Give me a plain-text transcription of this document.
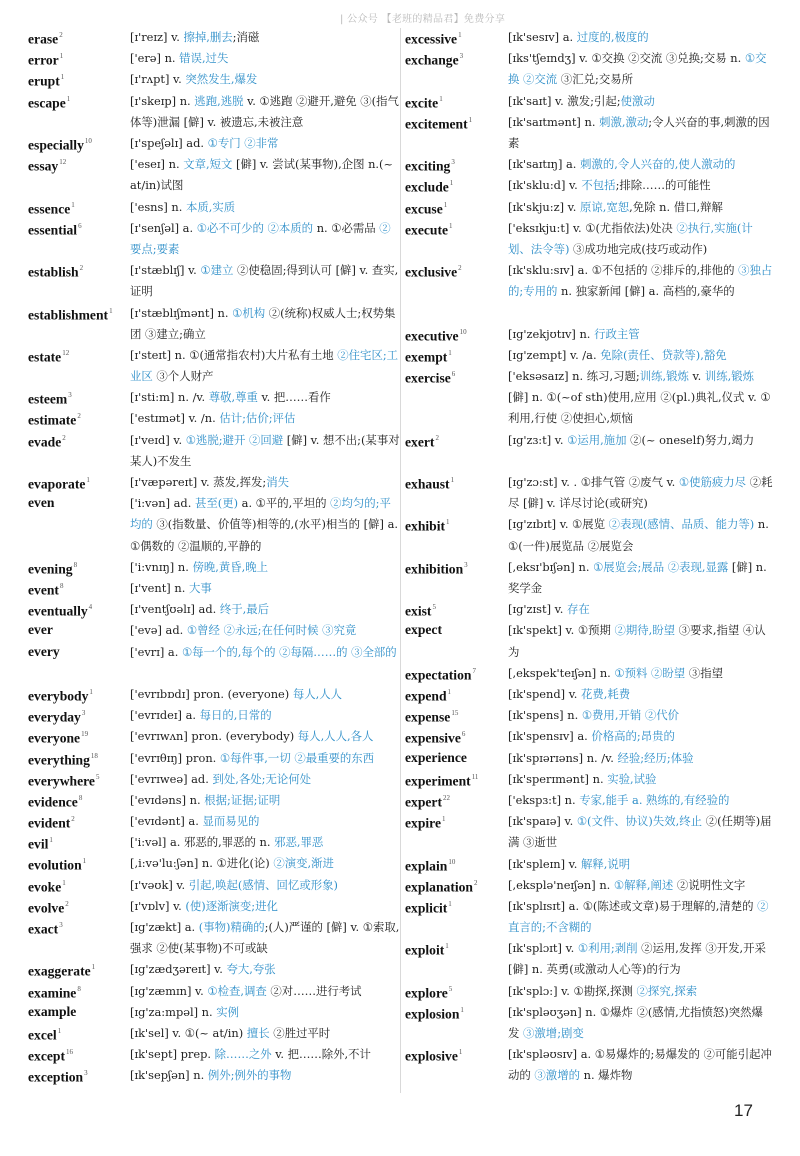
| 公众号 【老班的精品君】免费分享
erase$^2$	[ɪ'reɪz] v. 擦掉,删去;消磁
error$^1$	['erə] n. 错误,过失
erupt$^1$	[ɪ'rʌpt] v. 突然发生,爆发
escape$^1$	[ɪ'skeɪp] n. 逃跑,逃脱 v. ①逃跑 ②避开,避免 ③(指气体等)泄漏 [僻] v. 被遗忘,未被注意
especially$^{10}$	[ɪ'speʃəlɪ] ad. ①专门 ②非常
essay$^{12}$	['eseɪ] n. 文章,短文 [僻] v. 尝试(某事物),企图 n.(~ at/in)试图
essence$^1$	['esns] n. 本质,实质
essential$^6$	[ɪ'senʃəl] a. ①必不可少的 ②本质的 n. ①必需品 ②要点;要素
establish$^2$	[ɪ'stæblɪʃ] v. ①建立 ②使稳固;得到认可 [僻] v. 查实,证明
establishment$^1$	[ɪ'stæblɪʃmənt] n. ①机构 ②(统称)权威人士;权势集团 ③建立;确立
estate$^{12}$	[ɪ'steɪt] n. ①(通常指农村)大片私有土地 ②住宅区;工业区 ③个人财产
esteem$^3$	[ɪ'sti:m] n. /v. 尊敬,尊重 v. 把……看作
estimate$^2$	['estɪmət] v. /n. 估计;估价;评估
evade$^2$	[ɪ'veɪd] v. ①逃脱;避开 ②回避 [僻] v. 想不出;(某事对某人)不发生
evaporate$^1$	[ɪ'væpəreɪt] v. 蒸发,挥发;消失
even	['i:vən] ad. 甚至(更) a. ①平的,平坦的 ②均匀的;平均的 ③(指数量、价值等)相等的,(水平)相当的 [僻] a. ①偶数的 ②温顺的,平静的
evening$^8$	['i:vnɪŋ] n. 傍晚,黄昏,晚上
event$^8$	[ɪ'vent] n. 大事
eventually$^4$	[ɪ'ventʃʊəlɪ] ad. 终于,最后
ever	['evə] ad. ①曾经 ②永远;在任何时候 ③究竟
every	['evrɪ] a. ①每一个的,每个的 ②每隔……的 ③全部的
everybody$^1$	['evrɪbɒdɪ] pron. (everyone) 每人,人人
everyday$^3$	['evrɪdeɪ] a. 每日的,日常的
everyone$^{19}$	['evrɪwʌn] pron. (everybody) 每人,人人,各人
everything$^{18}$	['evrɪθɪŋ] pron. ①每件事,一切 ②最重要的东西
everywhere$^5$	['evrɪweə] ad. 到处,各处;无论何处
evidence$^8$	['evɪdəns] n. 根据;证据;证明
evident$^2$	['evɪdənt] a. 显而易见的
evil$^1$	['i:vəl] a. 邪恶的,罪恶的 n. 邪恶,罪恶
evolution$^1$	[,i:və'lu:ʃən] n. ①进化(论) ②演变,渐进
evoke$^1$	[ɪ'vəʊk] v. 引起,唤起(感情、回忆或形象)
evolve$^2$	[ɪ'vɒlv] v. (使)逐渐演变;进化
exact$^3$	[ɪg'zækt] a. (事物)精确的;(人)严谨的 [僻] v. ①索取,强求 ②使(某事物)不可或缺
exaggerate$^1$	[ɪg'zædʒəreɪt] v. 夸大,夸张
examine$^8$	[ɪg'zæmɪn] v. ①检查,调查 ②对……进行考试
example	[ɪg'za:mpəl] n. 实例
excel$^1$	[ɪk'sel] v. ①(~ at/in) 擅长 ②胜过平时
except$^{16}$	[ɪk'sept] prep. 除……之外 v. 把……除外,不计
exception$^3$	[ɪk'sepʃən] n. 例外;例外的事物
excessive$^1$	[ɪk'sesɪv] a. 过度的,极度的
exchange$^3$	[ɪks'tʃeɪndʒ] v. ①交换 ②交流 ③兑换;交易 n. ①交换 ②交流 ③汇兑;交易所
excite$^1$	[ɪk'saɪt] v. 激发;引起;使激动
excitement$^1$	[ɪk'saɪtmənt] n. 刺激,激动;令人兴奋的事,刺激的因素
exciting$^3$	[ɪk'saɪtɪŋ] a. 刺激的,令人兴奋的,使人激动的
exclude$^1$	[ɪk'sklu:d] v. 不包括;排除……的可能性
excuse$^1$	[ɪk'skju:z] v. 原谅,宽恕,免除 n. 借口,辩解
execute$^1$	['eksɪkju:t] v. ①(尤指依法)处决 ②执行,实施(计划、法令等) ③成功地完成(技巧或动作)
exclusive$^2$	[ɪk'sklu:sɪv] a. ①不包括的 ②排斥的,排他的 ③独占的;专用的 n. 独家新闻 [僻] a. 高档的,豪华的
executive$^{10}$	[ɪg'zekjʊtɪv] n. 行政主管
exempt$^1$	[ɪg'zempt] v. /a. 免除(责任、贷款等),豁免
exercise$^6$	['eksəsaɪz] n. 练习,习题;训练,锻炼 v. 训练,锻炼 [僻] n. ①(~of sth)使用,应用 ②(pl.)典礼,仪式 v. ①利用,行使 ②使担心,烦恼
exert$^2$	[ɪg'zɜ:t] v. ①运用,施加 ②(~ oneself)努力,竭力
exhaust$^1$	[ɪg'zɔ:st] v. . ①排气管 ②废气 v. ①使筋疲力尽 ②耗尽 [僻] v. 详尽讨论(或研究)
exhibit$^1$	[ɪg'zɪbɪt] v. ①展览 ②表现(感情、品质、能力等) n. ①(一件)展览品 ②展览会
exhibition$^3$	[,eksɪ'bɪʃən] n. ①展览会;展品 ②表现,显露 [僻] n. 奖学金
exist$^5$	[ɪg'zɪst] v. 存在
expect	[ɪk'spekt] v. ①预期 ②期待,盼望 ③要求,指望 ④认为
expectation$^7$	[,ekspek'teɪʃən] n. ①预料 ②盼望 ③指望
expend$^1$	[ɪk'spend] v. 花费,耗费
expense$^{15}$	[ɪk'spens] n. ①费用,开销 ②代价
expensive$^6$	[ɪk'spensɪv] a. 价格高的;昂贵的
experience	[ɪk'spɪərɪəns] n. /v. 经验;经历;体验
experiment$^{11}$	[ɪk'sperɪmənt] n. 实验,试验
expert$^{22}$	['ekspɜ:t] n. 专家,能手 a. 熟练的,有经验的
expire$^1$	[ɪk'spaɪə] v. ①(文件、协议)失效,终止 ②(任期等)届满 ③逝世
explain$^{10}$	[ɪk'spleɪn] v. 解释,说明
explanation$^2$	[,eksplə'neɪʃən] n. ①解释,阐述 ②说明性文字
explicit$^1$	[ɪk'splɪsɪt] a. ①(陈述或文章)易于理解的,清楚的 ②直言的;不含糊的
exploit$^1$	[ɪk'splɔɪt] v. ①利用;剥削 ②运用,发挥 ③开发,开采 [僻] n. 英勇(或激动人心等)的行为
explore$^5$	[ɪk'splɔ:] v. ①勘探,探测 ②探究,探索
explosion$^1$	[ɪk'spləʊʒən] n. ①爆炸 ②(感情,尤指愤怒)突然爆发 ③激增;剧变
explosive$^1$	[ɪk'spləʊsɪv] a. ①易爆炸的;易爆发的 ②可能引起冲动的 ③激增的 n. 爆炸物
17
